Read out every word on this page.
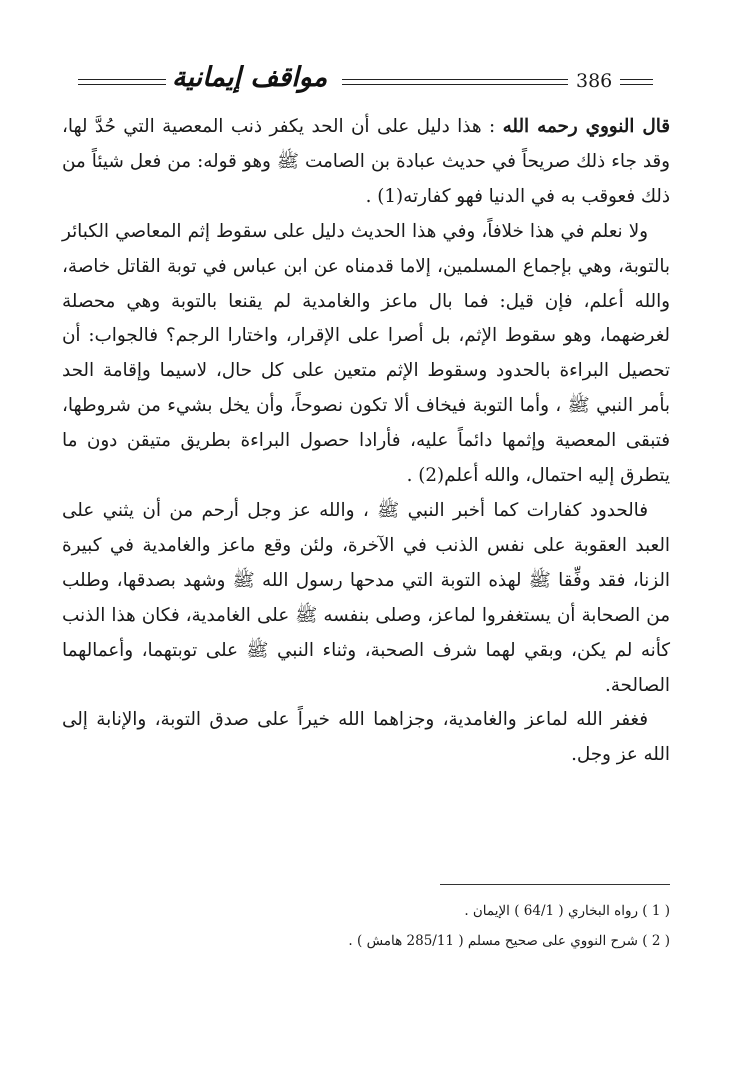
مواقف إيمانية	386

قال النووي رحمه الله : هذا دليل على أن الحد يكفر ذنب المعصية التي حُدَّ لها، وقد جاء ذلك صريحاً في حديث عبادة بن الصامت ﷺ وهو قوله: من فعل شيئاً من ذلك فعوقب به في الدنيا فهو كفارته(1) .

ولا نعلم في هذا خلافاً، وفي هذا الحديث دليل على سقوط إثم المعاصي الكبائر بالتوبة، وهي بإجماع المسلمين، إلاما قدمناه عن ابن عباس في توبة القاتل خاصة، والله أعلم، فإن قيل: فما بال ماعز والغامدية لم يقنعا بالتوبة وهي محصلة لغرضهما، وهو سقوط الإثم، بل أصرا على الإقرار، واختارا الرجم؟ فالجواب: أن تحصيل البراءة بالحدود وسقوط الإثم متعين على كل حال، لاسيما وإقامة الحد بأمر النبي ﷺ ، وأما التوبة فيخاف ألا تكون نصوحاً، وأن يخل بشيء من شروطها، فتبقى المعصية وإثمها دائماً عليه، فأرادا حصول البراءة بطريق متيقن دون ما يتطرق إليه احتمال، والله أعلم(2) .

فالحدود كفارات كما أخبر النبي ﷺ ، والله عز وجل أرحم من أن يثني على العبد العقوبة على نفس الذنب في الآخرة، ولئن وقع ماعز والغامدية في كبيرة الزنا، فقد وفِّقا ﷺ لهذه التوبة التي مدحها رسول الله ﷺ وشهد بصدقها، وطلب من الصحابة أن يستغفروا لماعز، وصلى بنفسه ﷺ على الغامدية، فكان هذا الذنب كأنه لم يكن، وبقي لهما شرف الصحبة، وثناء النبي ﷺ على توبتهما، وأعمالهما الصالحة.

فغفر الله لماعز والغامدية، وجزاهما الله خيراً على صدق التوبة، والإنابة إلى الله عز وجل.

( 1 ) رواه البخاري ( 64/1 ) الإيمان .

( 2 ) شرح النووي على صحيح مسلم ( 285/11 هامش ) .
